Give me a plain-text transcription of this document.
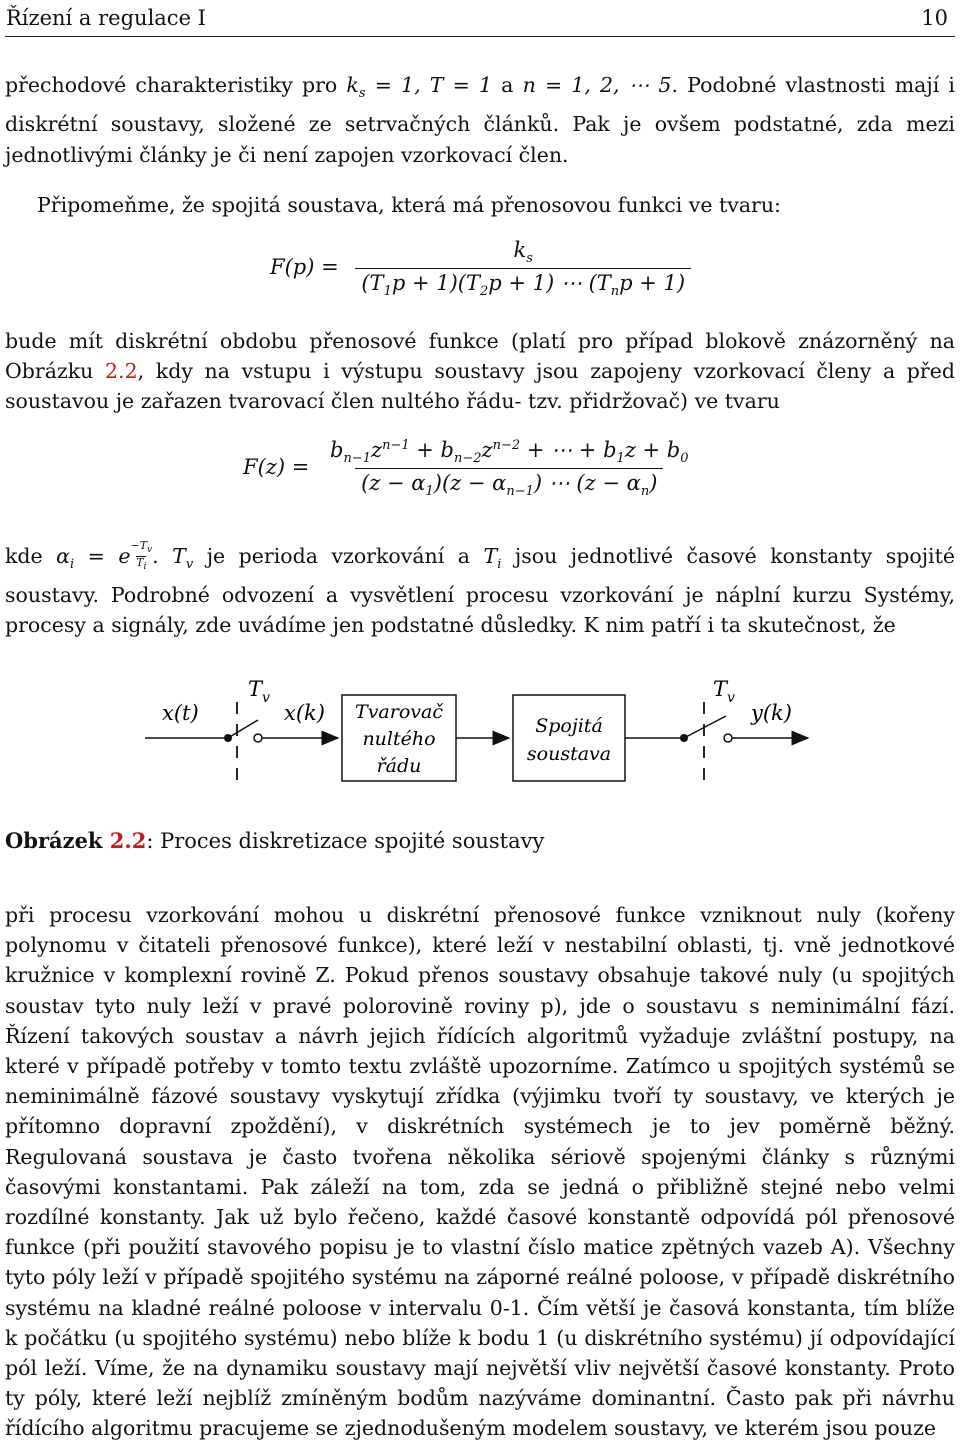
Řízení a regulace I	10

přechodové charakteristiky pro $k_s = 1$, T = 1 a n = 1, 2, ⋯ 5. Podobné vlastnosti mají i diskrétní soustavy, složené ze setrvačných článků. Pak je ovšem podstatné, zda mezi jednotlivými články je či není zapojen vzorkovací člen.

Připomeňme, že spojitá soustava, která má přenosovou funkci ve tvaru:

$F(p) = \frac{k_s}{(T_1p + 1)(T_2p + 1) \cdots (T_np + 1)}$

bude mít diskrétní obdobu přenosové funkce (platí pro případ blokově znázorněný na Obrázku 2.2, kdy na vstupu i výstupu soustavy jsou zapojeny vzorkovací členy a před soustavou je zařazen tvarovací člen nultého řádu- tzv. přidržovač) ve tvaru

$F(z) = \frac{b_{n-1}z^{n-1} + b_{n-2}z^{n-2} + \cdots + b_1z + b_0}{(z - \alpha_1)(z - \alpha_{n-1}) \cdots (z - \alpha_n)}$

kde $\alpha_i = e$ $^{\frac{-T_v}{T_i}}$ . $T_v$ je perioda vzorkování a $T_i$ jsou jednotlivé časové konstanty spojité soustavy. Podrobné odvození a vysvětlení procesu vzorkování je náplní kurzu Systémy, procesy a signály, zde uvádíme jen podstatné důsledky. K nim patří i ta skutečnost, že

x(t)
$T_v$
x(k) Tvarovač
nultého
řádu
Spojitá
soustava
$T_v$
y(k)
Obrázek 2.2: Proces diskretizace spojité soustavy

při procesu vzorkování mohou u diskrétní přenosové funkce vzniknout nuly (kořeny polynomu v čitateli přenosové funkce), které leží v nestabilní oblasti, tj. vně jednotkové kružnice v komplexní rovině Z. Pokud přenos soustavy obsahuje takové nuly (u spojitých soustav tyto nuly leží v pravé polorovině roviny p), jde o soustavu s neminimální fází. Řízení takových soustav a návrh jejich řídících algoritmů vyžaduje zvláštní postupy, na které v případě potřeby v tomto textu zvláště upozorníme. Zatímco u spojitých systémů se neminimálně fázové soustavy vyskytují zřídka (výjimku tvoří ty soustavy, ve kterých je přítomno dopravní zpoždění), v diskrétních systémech je to jev poměrně běžný. Regulovaná soustava je často tvořena několika sériově spojenými články s různými časovými konstantami. Pak záleží na tom, zda se jedná o přibližně stejné nebo velmi rozdílné konstanty. Jak už bylo řečeno, každé časové konstantě odpovídá pól přenosové funkce (při použití stavového popisu je to vlastní číslo matice zpětných vazeb A). Všechny tyto póly leží v případě spojitého systému na záporné reálné poloose, v případě diskrétního systému na kladné reálné poloose v intervalu 0-1. Čím větší je časová konstanta, tím blíže k počátku (u spojitého systému) nebo blíže k bodu 1 (u diskrétního systému) jí odpovídající pól leží. Víme, že na dynamiku soustavy mají největší vliv největší časové konstanty. Proto ty póly, které leží nejblíž zmíněným bodům nazýváme dominantní. Často pak při návrhu řídícího algoritmu pracujeme se zjednodušeným modelem soustavy, ve kterém jsou pouze
